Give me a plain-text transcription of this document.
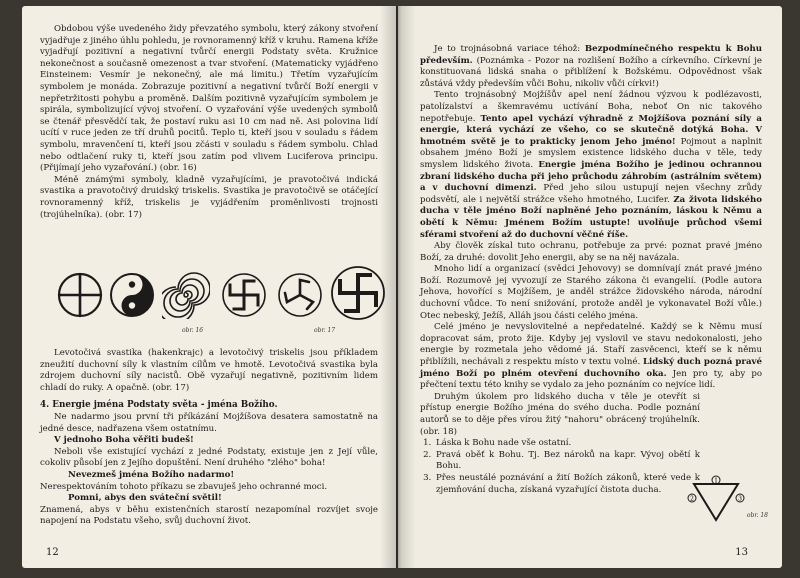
Obdobou výše uvedeného židy převzatého symbolu, který zákony stvoření vyjadřuje z jiného úhlu pohledu, je rovnoramenný kříž v kruhu. Ramena kříže vyjadřují pozitivní a negativní tvůrčí energii Podstaty světa. Kružnice nekonečnost a současně omezenost a tvar stvoření. (Matematicky vyjádřeno Einsteinem: Vesmír je nekonečný, ale má limitu.) Třetím vyzařujícím symbolem je monáda. Zobrazuje pozitivní a negativní tvůrčí Boží energii v nepřetržitosti pohybu a proměně. Dalším pozitivně vyzařujícím symbolem je spirála, symbolizující vývoj stvoření. O vyzařování výše uvedených symbolů se čtenář přesvědčí tak, že postaví ruku asi 10 cm nad ně. Asi polovina lidí ucítí v ruce jeden ze tří druhů pocitů. Teplo ti, kteří jsou v souladu s řádem symbolu, mravenčení ti, kteří jsou zčásti v souladu s řádem symbolu. Chlad nebo odtlačení ruky ti, kteří jsou zatím pod vlivem Luciferova principu. (Přijímají jeho vyzařování.) (obr. 16)

Méně známými symboly, kladně vyzařujícími, je pravotočivá indická svastika a pravotočivý druidský triskelis. Svastika je pravotočivě se otáčející rovnoramenný kříž, triskelis je vyjádřením proměnlivosti trojnosti (trojúhelníka). (obr. 17)

obr. 16	obr. 17

Levotočivá svastika (hakenkrajc) a levotočivý triskelis jsou příkladem zneužití duchovní síly k vlastním cílům ve hmotě. Levotočivá svastika byla zdrojem duchovní síly nacistů. Obě vyzařují negativně, pozitivním lidem chladí do ruky. A opačně. (obr. 17)

4. Energie jména Podstaty světa - jména Božího.

Ne nadarmo jsou první tři příkázání Mojžíšova desatera samostatně na jedné desce, nadřazena všem ostatnímu.

V jednoho Boha věřiti budeš!

Neboli vše existující vychází z jedné Podstaty, existuje jen z Její vůle, cokoliv působí jen z Jejího dopuštění. Není druhého "zlého" boha!

Nevezmeš jména Božího nadarmo!

Nerespektováním tohoto příkazu se zbavuješ jeho ochranné moci.

Pomni, abys den sváteční světil!

Znamená, abys v běhu existenčních starostí nezapomínal rozvíjet svoje napojení na Podstatu všeho, svůj duchovní život.

12

Je to trojnásobná variace téhož: Bezpodmínečného respektu k Bohu především. (Poznámka - Pozor na rozlišení Božího a církevního. Církevní je konstituovaná lidská snaha o přiblížení k Božskému. Odpovědnost však zůstává vždy především vůči Bohu, nikoliv vůči církvi!)

Tento trojnásobný Mojžíšův apel není žádnou výzvou k podlézavosti, patolízalství a škemravému uctívání Boha, neboť On nic takového nepotřebuje. Tento apel vychází výhradně z Mojžíšova poznání síly a energie, která vychází ze všeho, co se skutečně dotýká Boha. V hmotném světě je to prakticky jenom Jeho jméno! Pojmout a naplnit obsahem jméno Boží je smyslem existence lidského ducha v těle, tedy smyslem lidského života. Energie jména Božího je jedinou ochrannou zbraní lidského ducha při jeho průchodu záhrobím (astrálním světem) a v duchovní dimenzi. Před jeho silou ustupují nejen všechny zrůdy podsvětí, ale i největší strážce všeho hmotného, Lucifer. Za života lidského ducha v těle jméno Boží naplněné Jeho poznáním, láskou k Němu a obětí k Němu: Jménem Božím ustupte! uvolňuje průchod všemi sférami stvoření až do duchovní věčné říše.

Aby člověk získal tuto ochranu, potřebuje za prvé: poznat pravé jméno Boží, za druhé: dovolit Jeho energii, aby se na něj navázala.

Mnoho lidí a organizací (svědci Jehovovy) se domnívají znát pravé jméno Boží. Rozumově jej vyvozují ze Starého zákona či evangelií. (Podle autora Jehova, hovořící s Mojžíšem, je anděl strážce židovského národa, národní duchovní vůdce. To není snižování, protože anděl je vykonavatel Boží vůle.) Otec nebeský, Ježíš, Alláh jsou části celého jména.

Celé jméno je nevyslovitelné a nepředatelné. Každý se k Němu musí dopracovat sám, proto žije. Kdyby jej vyslovil ve stavu nedokonalosti, jeho energie by rozmetala jeho vědomé já. Staří zasvěcenci, kteří se k němu přiblížili, nechávali z respektu místo v textu volné. Lidský duch pozná pravé jméno Boží po plném otevření duchovního oka. Jen pro ty, aby po přečtení textu této knihy se vydalo za jeho poznáním co nejvíce lidí.

Druhým úkolem pro lidského ducha v těle je otevřít si přístup energie Božího jména do svého ducha. Podle poznání autorů se to děje přes vírou žitý "nahoru" obrácený trojúhelník. (obr. 18)

1. Láska k Bohu nade vše ostatní.
2. Pravá oběť k Bohu. Tj. Bez nároků na kapr. Vývoj obětí k Bohu.
3. Přes neustálé poznávání a žití Božích zákonů, které vede k zjemňování ducha, získaná vyzařující čistota ducha.
1
2	3
obr. 18
13
